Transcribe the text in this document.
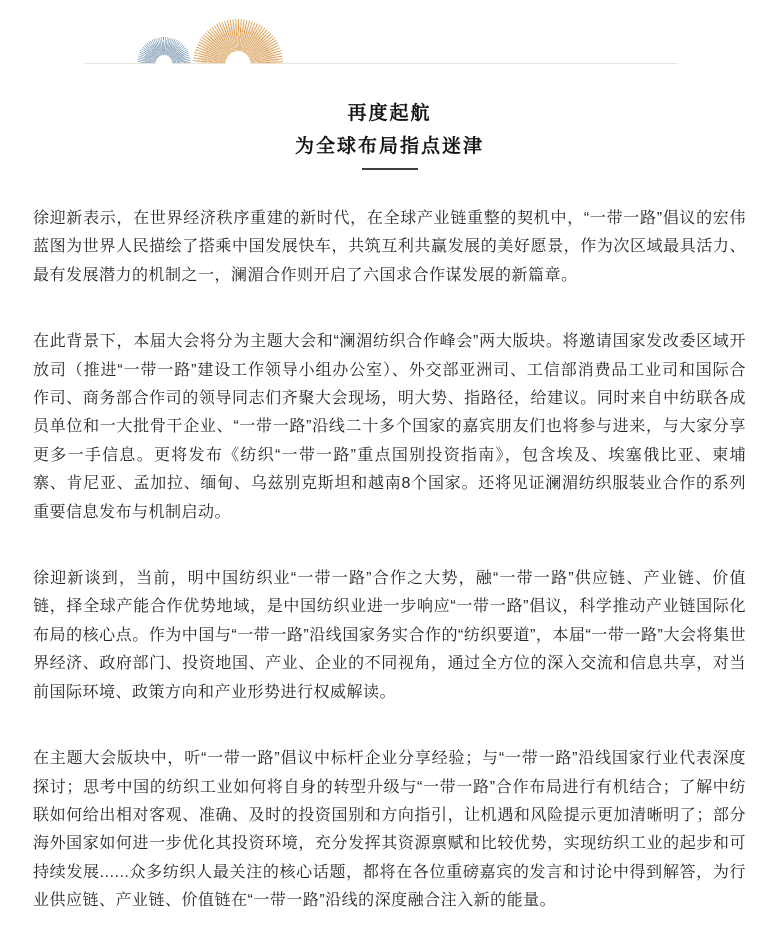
再度起航
为全球布局指点迷津

徐迎新表示，在世界经济秩序重建的新时代，在全球产业链重整的契机中，“一带一路”倡议的宏伟蓝图为世界人民描绘了搭乘中国发展快车，共筑互利共赢发展的美好愿景，作为次区域最具活力、最有发展潜力的机制之一，澜湄合作则开启了六国求合作谋发展的新篇章。

在此背景下，本届大会将分为主题大会和“澜湄纺织合作峰会”两大版块。将邀请国家发改委区域开放司（推进“一带一路”建设工作领导小组办公室）、外交部亚洲司、工信部消费品工业司和国际合作司、商务部合作司的领导同志们齐聚大会现场，明大势、指路径，给建议。同时来自中纺联各成员单位和一大批骨干企业、“一带一路”沿线二十多个国家的嘉宾朋友们也将参与进来，与大家分享更多一手信息。更将发布《纺织“一带一路”重点国别投资指南》，包含埃及、埃塞俄比亚、柬埔寨、肯尼亚、孟加拉、缅甸、乌兹别克斯坦和越南8个国家。还将见证澜湄纺织服装业合作的系列重要信息发布与机制启动。

徐迎新谈到，当前，明中国纺织业“一带一路”合作之大势，融“一带一路”供应链、产业链、价值链，择全球产能合作优势地域，是中国纺织业进一步响应“一带一路”倡议，科学推动产业链国际化布局的核心点。作为中国与“一带一路”沿线国家务实合作的“纺织要道”，本届“一带一路”大会将集世界经济、政府部门、投资地国、产业、企业的不同视角，通过全方位的深入交流和信息共享，对当前国际环境、政策方向和产业形势进行权威解读。

在主题大会版块中，听“一带一路”倡议中标杆企业分享经验；与“一带一路”沿线国家行业代表深度探讨；思考中国的纺织工业如何将自身的转型升级与“一带一路”合作布局进行有机结合；了解中纺联如何给出相对客观、准确、及时的投资国别和方向指引，让机遇和风险提示更加清晰明了；部分海外国家如何进一步优化其投资环境，充分发挥其资源禀赋和比较优势，实现纺织工业的起步和可持续发展......众多纺织人最关注的核心话题，都将在各位重磅嘉宾的发言和讨论中得到解答，为行业供应链、产业链、价值链在“一带一路”沿线的深度融合注入新的能量。
